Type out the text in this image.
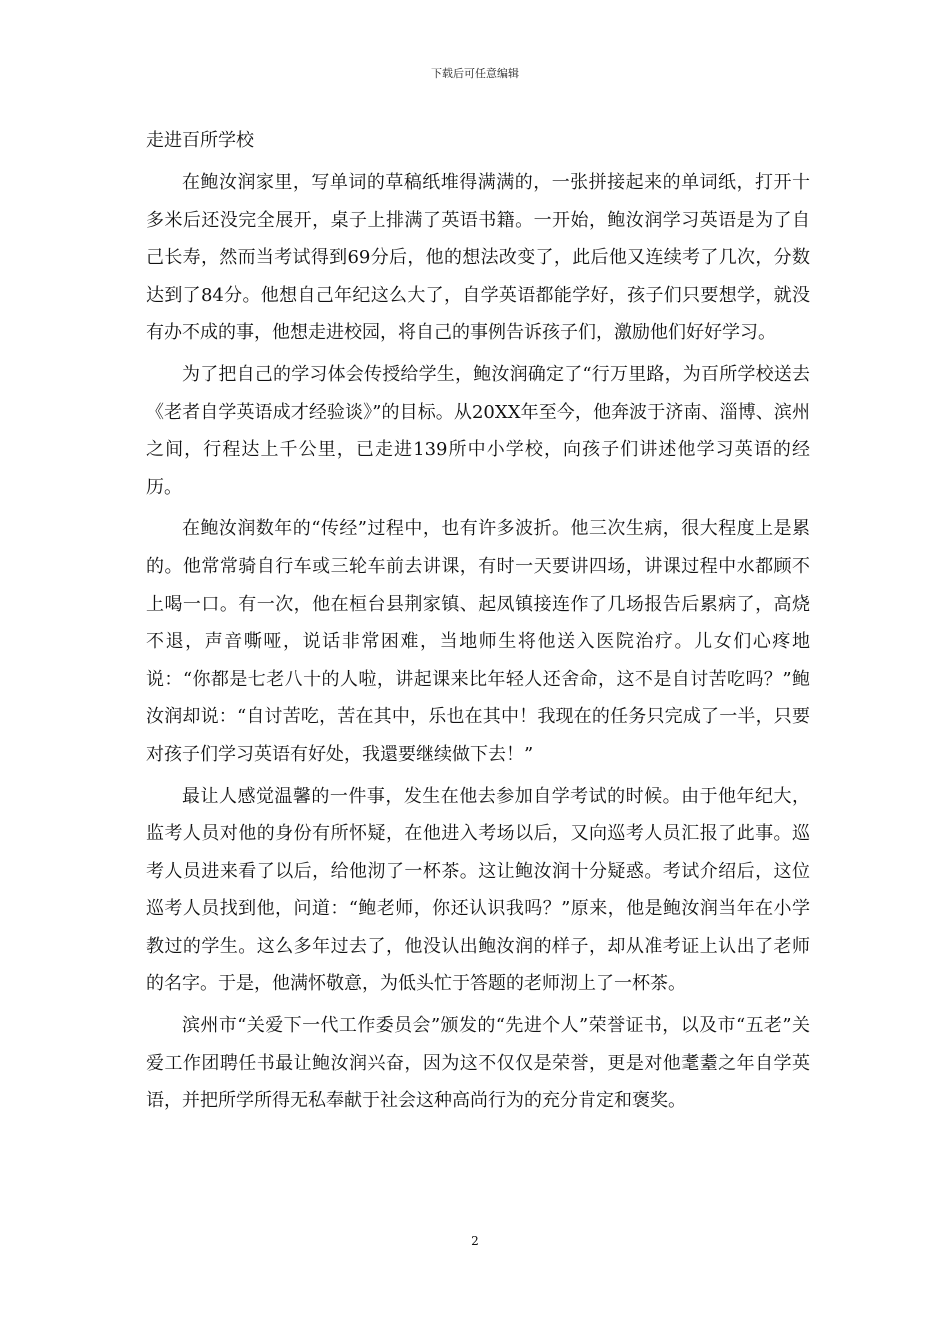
下载后可任意编辑

走进百所学校

在鲍汝润家里，写单词的草稿纸堆得满满的，一张拼接起来的单词纸，打开十多米后还没完全展开，桌子上排满了英语书籍。一开始，鲍汝润学习英语是为了自己长寿，然而当考试得到69分后，他的想法改变了，此后他又连续考了几次，分数达到了84分。他想自己年纪这么大了，自学英语都能学好，孩子们只要想学，就没有办不成的事，他想走进校园，将自己的事例告诉孩子们，激励他们好好学习。

为了把自己的学习体会传授给学生，鲍汝润确定了“行万里路，为百所学校送去《老者自学英语成才经验谈》”的目标。从20XX年至今，他奔波于济南、淄博、滨州之间，行程达上千公里，已走进139所中小学校，向孩子们讲述他学习英语的经历。

在鲍汝润数年的“传经”过程中，也有许多波折。他三次生病，很大程度上是累的。他常常骑自行车或三轮车前去讲课，有时一天要讲四场，讲课过程中水都顾不上喝一口。有一次，他在桓台县荆家镇、起凤镇接连作了几场报告后累病了，高烧不退，声音嘶哑，说话非常困难，当地师生将他送入医院治疗。儿女们心疼地说：“你都是七老八十的人啦，讲起课来比年轻人还舍命，这不是自讨苦吃吗？”鲍汝润却说：“自讨苦吃，苦在其中，乐也在其中！我现在的任务只完成了一半，只要对孩子们学习英语有好处，我還要继续做下去！”

最让人感觉温馨的一件事，发生在他去参加自学考试的时候。由于他年纪大，监考人员对他的身份有所怀疑，在他进入考场以后，又向巡考人员汇报了此事。巡考人员进来看了以后，给他沏了一杯茶。这让鲍汝润十分疑惑。考试介绍后，这位巡考人员找到他，问道：“鲍老师，你还认识我吗？”原来，他是鲍汝润当年在小学教过的学生。这么多年过去了，他没认出鲍汝润的样子，却从准考证上认出了老师的名字。于是，他满怀敬意，为低头忙于答题的老师沏上了一杯茶。

滨州市“关爱下一代工作委员会”颁发的“先进个人”荣誉证书，以及市“五老”关爱工作团聘任书最让鲍汝润兴奋，因为这不仅仅是荣誉，更是对他耄耋之年自学英语，并把所学所得无私奉献于社会这种高尚行为的充分肯定和褒奖。

2
